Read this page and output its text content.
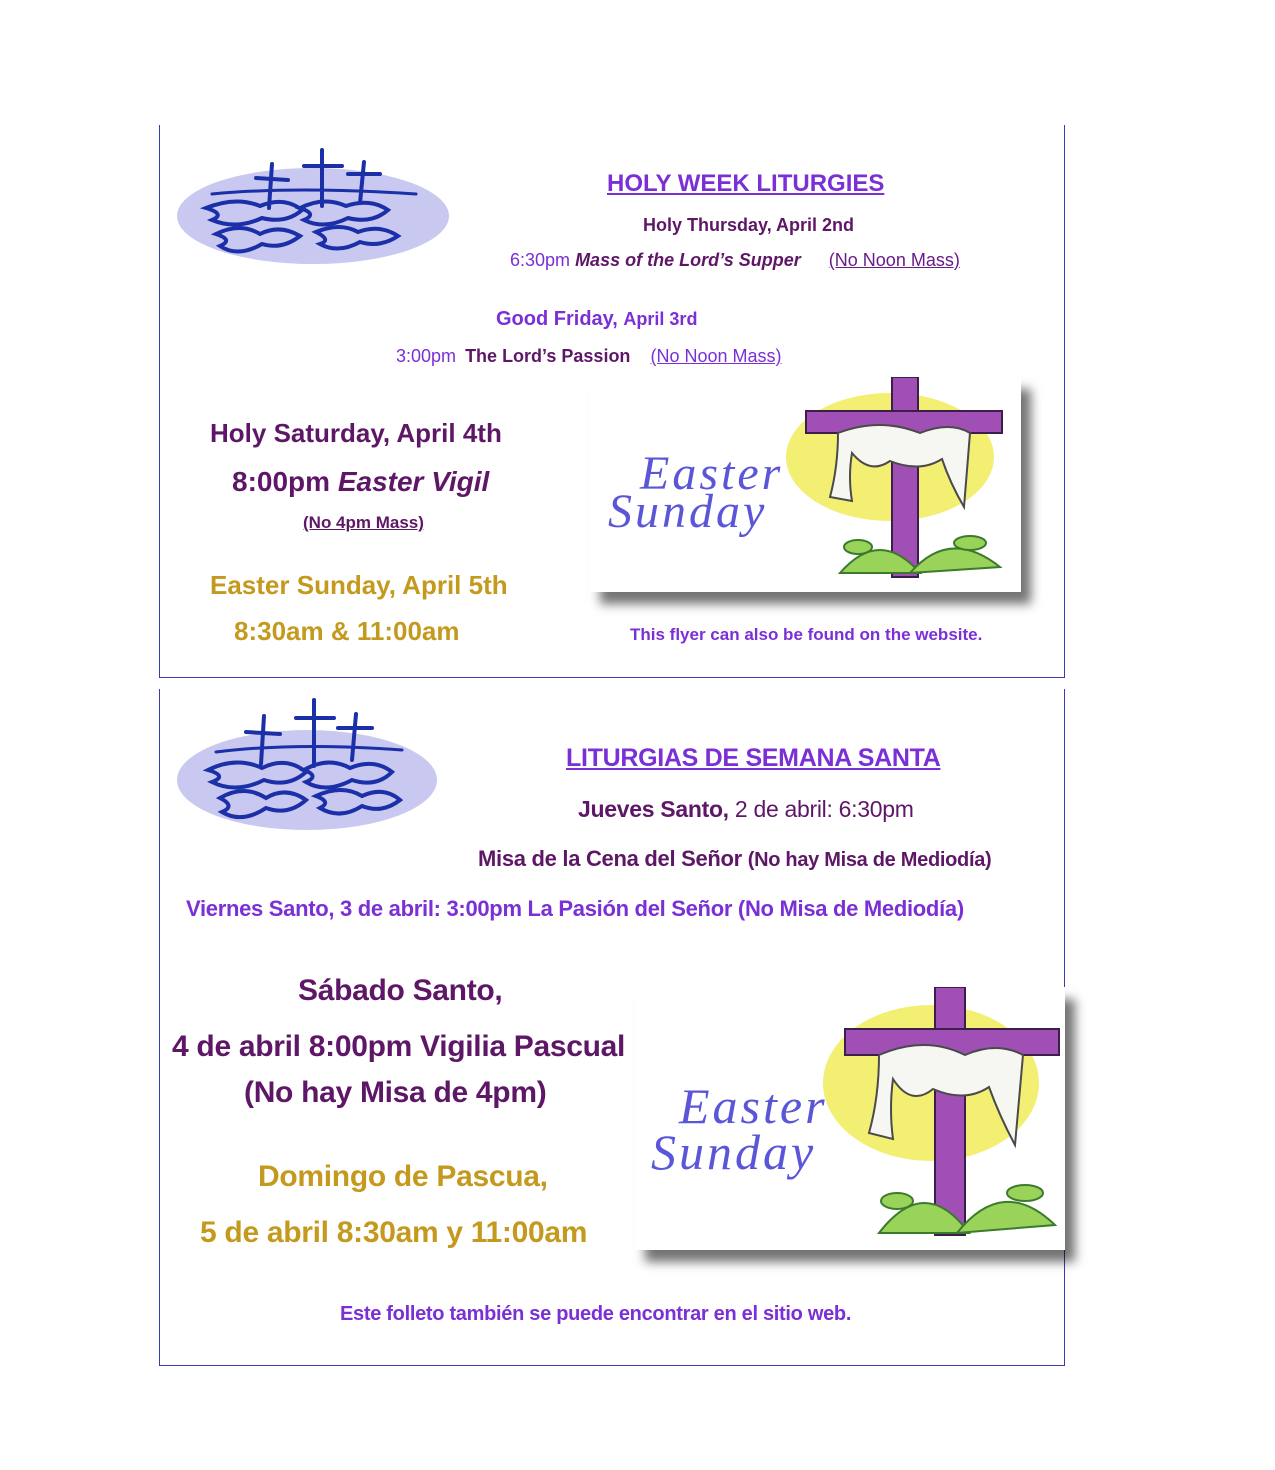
HOLY WEEK LITURGIES
Holy Thursday, April 2nd
6:30pm Mass of the Lord’s Supper (No Noon Mass)
Good Friday, April 3rd
3:00pm The Lord’s Passion (No Noon Mass)
Holy Saturday, April 4th
8:00pm Easter Vigil
(No 4pm Mass)
Easter Sunday, April 5th
8:30am & 11:00am	This flyer can also be found on the website.
Easter
Sunday
LITURGIAS DE SEMANA SANTA
Jueves Santo, 2 de abril: 6:30pm
Misa de la Cena del Señor (No hay Misa de Mediodía)
Viernes Santo, 3 de abril: 3:00pm La Pasión del Señor (No Misa de Mediodía)
Sábado Santo,
4 de abril 8:00pm Vigilia Pascual
(No hay Misa de 4pm)
Domingo de Pascua,
5 de abril 8:30am y 11:00am
Este folleto también se puede encontrar en el sitio web.
Easter
Sunday
